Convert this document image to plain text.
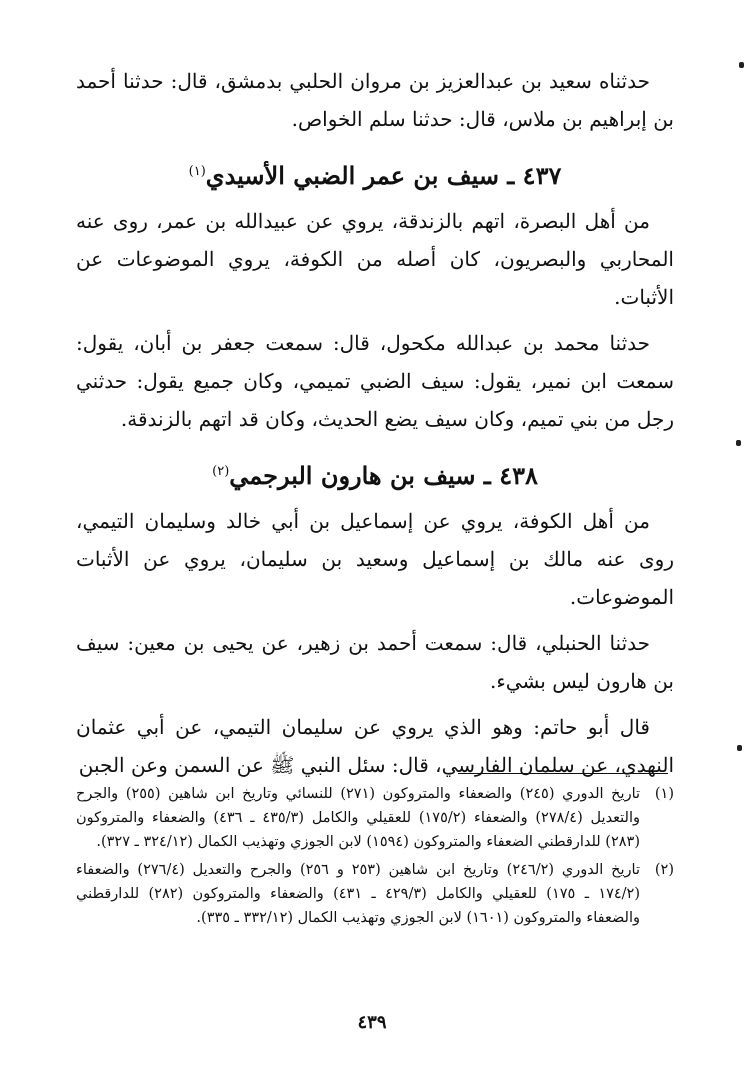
حدثناه سعيد بن عبدالعزيز بن مروان الحلبي بدمشق، قال: حدثنا أحمد بن إبراهيم بن ملاس، قال: حدثنا سلم الخواص.

٤٣٧ ـ سيف بن عمر الضبي الأسيدي$^{(١)}$

من أهل البصرة، اتهم بالزندقة، يروي عن عبيدالله بن عمر، روى عنه المحاربي والبصريون، كان أصله من الكوفة، يروي الموضوعات عن الأثبات.

حدثنا محمد بن عبدالله مكحول، قال: سمعت جعفر بن أبان، يقول: سمعت ابن نمير، يقول: سيف الضبي تميمي، وكان جميع يقول: حدثني رجل من بني تميم، وكان سيف يضع الحديث، وكان قد اتهم بالزندقة.

٤٣٨ ـ سيف بن هارون البرجمي$^{(٢)}$

من أهل الكوفة، يروي عن إسماعيل بن أبي خالد وسليمان التيمي، روى عنه مالك بن إسماعيل وسعيد بن سليمان، يروي عن الأثبات الموضوعات.

حدثنا الحنبلي، قال: سمعت أحمد بن زهير، عن يحيى بن معين: سيف بن هارون ليس بشيء.

قال أبو حاتم: وهو الذي يروي عن سليمان التيمي، عن أبي عثمان النهدي، عن سلمان الفارسي، قال: سئل النبي ﷺ عن السمن وعن الجبن

(١)
تاريخ الدوري (٢٤٥) والضعفاء والمتروكون (٢٧١) للنسائي وتاريخ ابن شاهين (٢٥٥) والجرح والتعديل (٢٧٨/٤) والضعفاء (١٧٥/٢) للعقيلي والكامل (٤٣٥/٣ ـ ٤٣٦) والضعفاء والمتروكون (٢٨٣) للدارقطني الضعفاء والمتروكون (١٥٩٤) لابن الجوزي وتهذيب الكمال (٣٢٤/١٢ ـ ٣٢٧).
(٢)
تاريخ الدوري (٢٤٦/٢) وتاريخ ابن شاهين (٢٥٣ و ٢٥٦) والجرح والتعديل (٢٧٦/٤) والضعفاء (١٧٤/٢ ـ ١٧٥) للعقيلي والكامل (٤٢٩/٣ ـ ٤٣١) والضعفاء والمتروكون (٢٨٢) للدارقطني والضعفاء والمتروكون (١٦٠١) لابن الجوزي وتهذيب الكمال (٣٣٢/١٢ ـ ٣٣٥).
٤٣٩
